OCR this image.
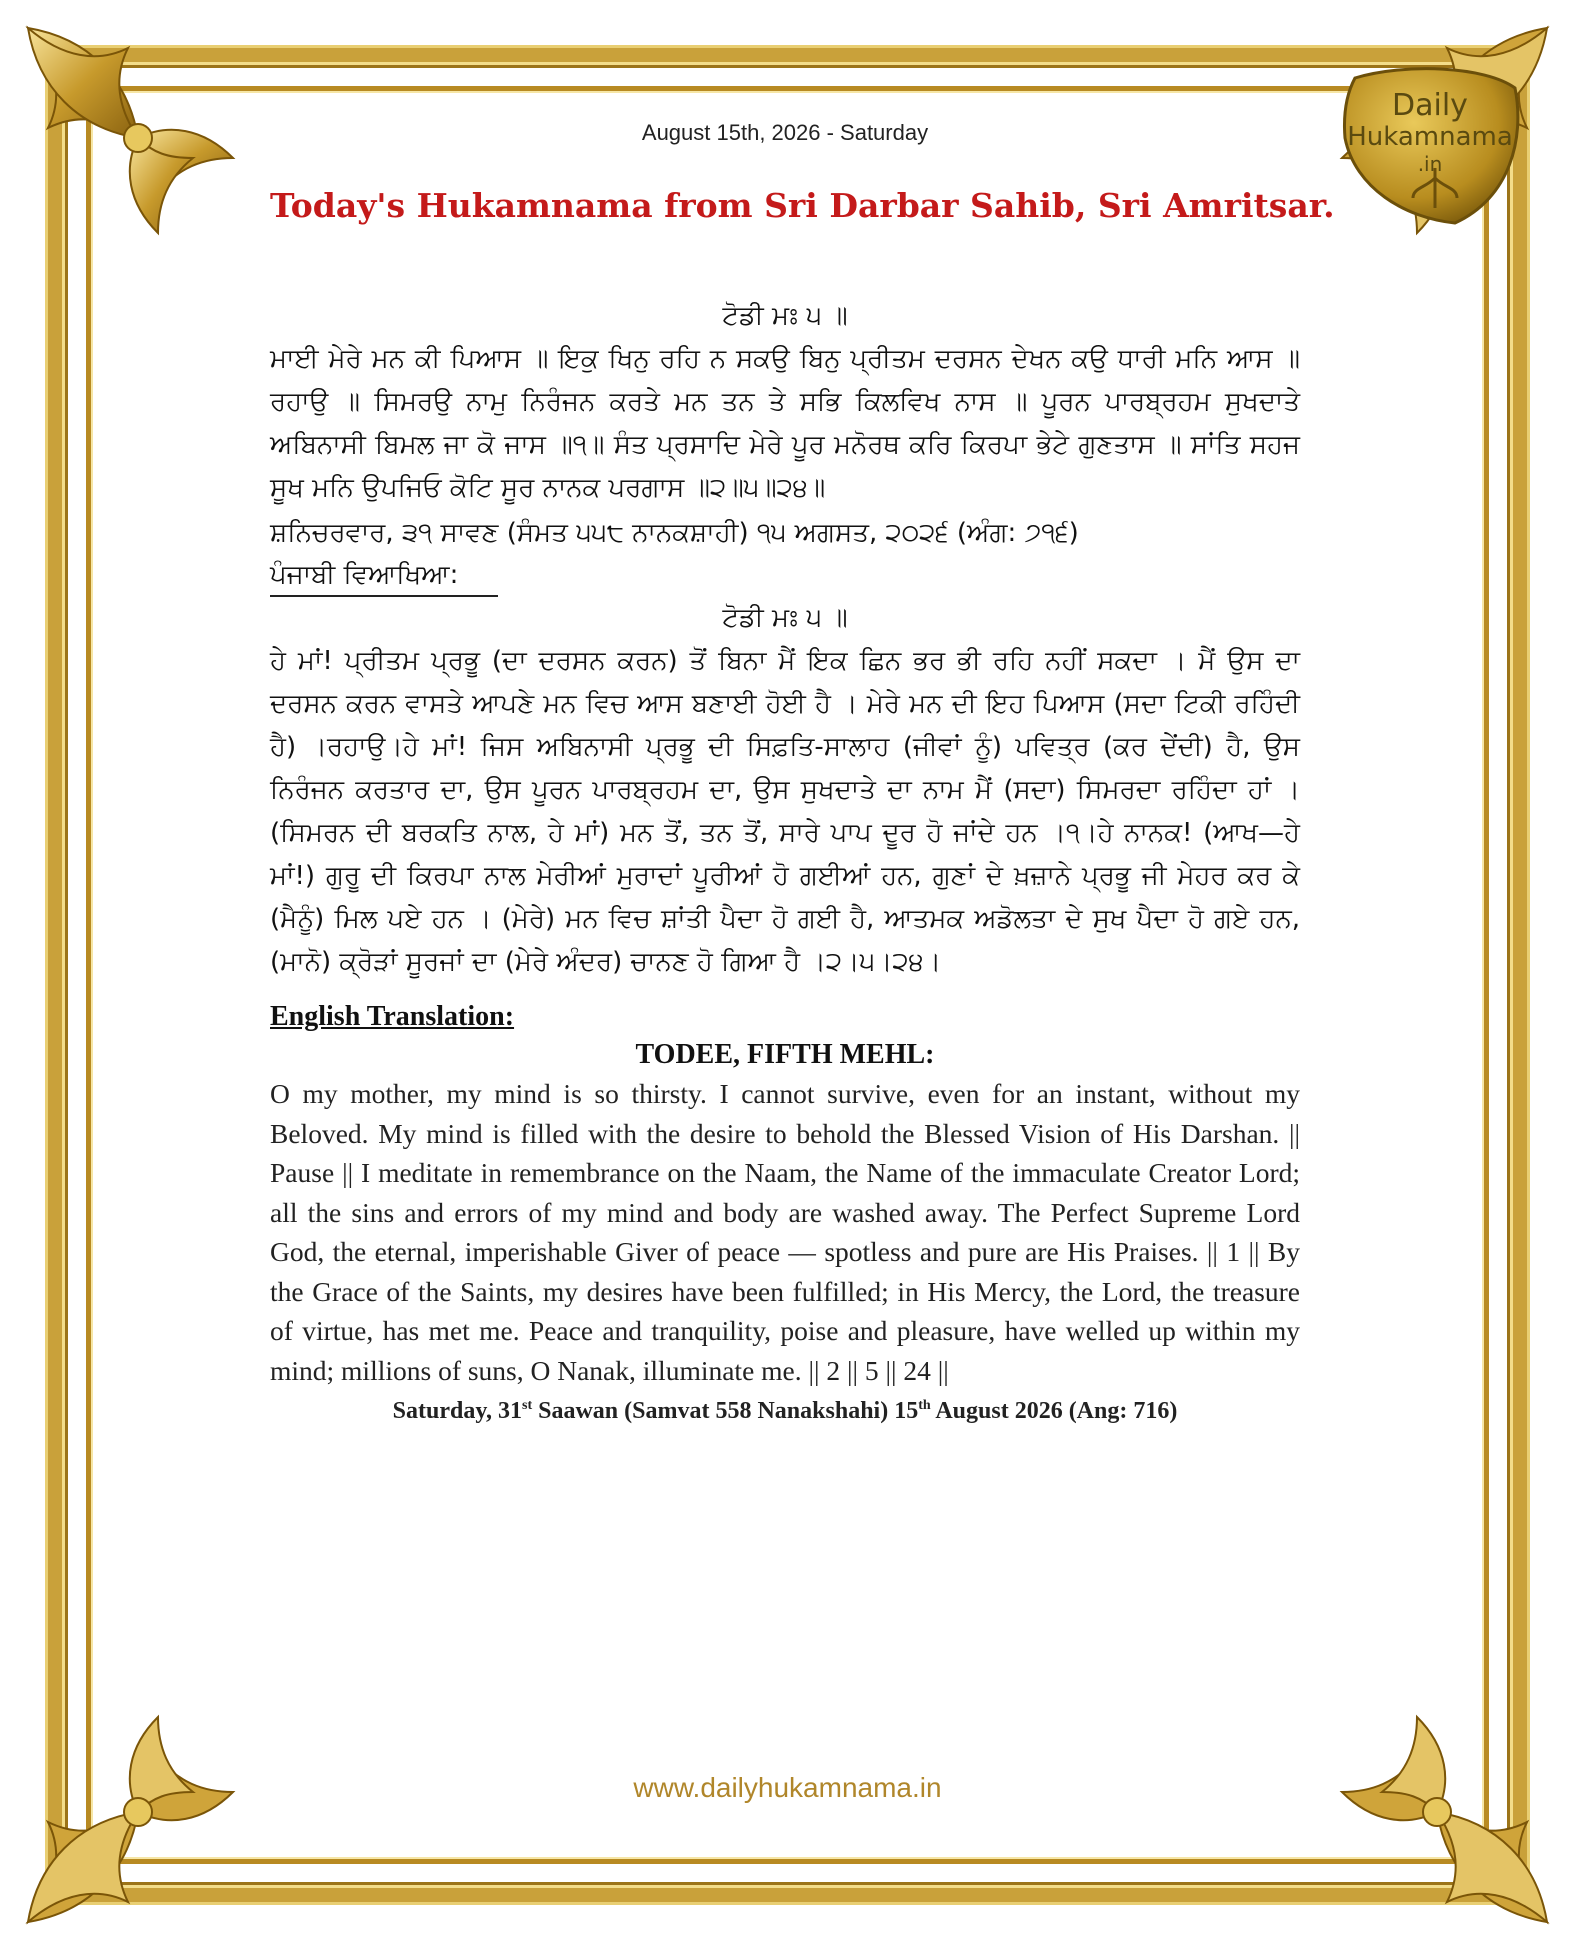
Daily
Hukamnama
.in
August 15th, 2026 - Saturday
Today's Hukamnama from Sri Darbar Sahib, Sri Amritsar.
ਟੋਡੀ ਮਃ ੫ ॥
ਮਾਈ ਮੇਰੇ ਮਨ ਕੀ ਪਿਆਸ ॥ ਇਕੁ ਖਿਨੁ ਰਹਿ ਨ ਸਕਉ ਬਿਨੁ ਪ੍ਰੀਤਮ ਦਰਸਨ ਦੇਖਨ ਕਉ ਧਾਰੀ ਮਨਿ ਆਸ ॥ ਰਹਾਉ ॥ ਸਿਮਰਉ ਨਾਮੁ ਨਿਰੰਜਨ ਕਰਤੇ ਮਨ ਤਨ ਤੇ ਸਭਿ ਕਿਲਵਿਖ ਨਾਸ ॥ ਪੂਰਨ ਪਾਰਬ੍ਰਹਮ ਸੁਖਦਾਤੇ ਅਬਿਨਾਸੀ ਬਿਮਲ ਜਾ ਕੋ ਜਾਸ ॥੧॥ ਸੰਤ ਪ੍ਰਸਾਦਿ ਮੇਰੇ ਪੂਰ ਮਨੋਰਥ ਕਰਿ ਕਿਰਪਾ ਭੇਟੇ ਗੁਣਤਾਸ ॥ ਸਾਂਤਿ ਸਹਜ ਸੂਖ ਮਨਿ ਉਪਜਿਓ ਕੋਟਿ ਸੂਰ ਨਾਨਕ ਪਰਗਾਸ ॥੨॥੫॥੨੪॥
ਸ਼ਨਿਚਰਵਾਰ, ੩੧ ਸਾਵਣ (ਸੰਮਤ ੫੫੮ ਨਾਨਕਸ਼ਾਹੀ) ੧੫ ਅਗਸਤ, ੨੦੨੬ (ਅੰਗ: ੭੧੬)
ਪੰਜਾਬੀ ਵਿਆਖਿਆ:
ਟੋਡੀ ਮਃ ੫ ॥
ਹੇ ਮਾਂ! ਪ੍ਰੀਤਮ ਪ੍ਰਭੂ (ਦਾ ਦਰਸਨ ਕਰਨ) ਤੋਂ ਬਿਨਾ ਮੈਂ ਇਕ ਛਿਨ ਭਰ ਭੀ ਰਹਿ ਨਹੀਂ ਸਕਦਾ । ਮੈਂ ਉਸ ਦਾ ਦਰਸਨ ਕਰਨ ਵਾਸਤੇ ਆਪਣੇ ਮਨ ਵਿਚ ਆਸ ਬਣਾਈ ਹੋਈ ਹੈ । ਮੇਰੇ ਮਨ ਦੀ ਇਹ ਪਿਆਸ (ਸਦਾ ਟਿਕੀ ਰਹਿੰਦੀ ਹੈ) ।ਰਹਾਉ।ਹੇ ਮਾਂ! ਜਿਸ ਅਬਿਨਾਸੀ ਪ੍ਰਭੂ ਦੀ ਸਿਫ਼ਤਿ-ਸਾਲਾਹ (ਜੀਵਾਂ ਨੂੰ) ਪਵਿਤ੍ਰ (ਕਰ ਦੇਂਦੀ) ਹੈ, ਉਸ ਨਿਰੰਜਨ ਕਰਤਾਰ ਦਾ, ਉਸ ਪੂਰਨ ਪਾਰਬ੍ਰਹਮ ਦਾ, ਉਸ ਸੁਖਦਾਤੇ ਦਾ ਨਾਮ ਮੈਂ (ਸਦਾ) ਸਿਮਰਦਾ ਰਹਿੰਦਾ ਹਾਂ । (ਸਿਮਰਨ ਦੀ ਬਰਕਤਿ ਨਾਲ, ਹੇ ਮਾਂ) ਮਨ ਤੋਂ, ਤਨ ਤੋਂ, ਸਾਰੇ ਪਾਪ ਦੂਰ ਹੋ ਜਾਂਦੇ ਹਨ ।੧।ਹੇ ਨਾਨਕ! (ਆਖ—ਹੇ ਮਾਂ!) ਗੁਰੂ ਦੀ ਕਿਰਪਾ ਨਾਲ ਮੇਰੀਆਂ ਮੁਰਾਦਾਂ ਪੂਰੀਆਂ ਹੋ ਗਈਆਂ ਹਨ, ਗੁਣਾਂ ਦੇ ਖ਼ਜ਼ਾਨੇ ਪ੍ਰਭੂ ਜੀ ਮੇਹਰ ਕਰ ਕੇ (ਮੈਨੂੰ) ਮਿਲ ਪਏ ਹਨ । (ਮੇਰੇ) ਮਨ ਵਿਚ ਸ਼ਾਂਤੀ ਪੈਦਾ ਹੋ ਗਈ ਹੈ, ਆਤਮਕ ਅਡੋਲਤਾ ਦੇ ਸੁਖ ਪੈਦਾ ਹੋ ਗਏ ਹਨ, (ਮਾਨੋ) ਕ੍ਰੋੜਾਂ ਸੂਰਜਾਂ ਦਾ (ਮੇਰੇ ਅੰਦਰ) ਚਾਨਣ ਹੋ ਗਿਆ ਹੈ ।੨।੫।੨੪।
English Translation:
TODEE, FIFTH MEHL:
O my mother, my mind is so thirsty. I cannot survive, even for an instant, without my Beloved. My mind is filled with the desire to behold the Blessed Vision of His Darshan. || Pause || I meditate in remembrance on the Naam, the Name of the immaculate Creator Lord; all the sins and errors of my mind and body are washed away. The Perfect Supreme Lord God, the eternal, imperishable Giver of peace — spotless and pure are His Praises. || 1 || By the Grace of the Saints, my desires have been fulfilled; in His Mercy, the Lord, the treasure of virtue, has met me. Peace and tranquility, poise and pleasure, have welled up within my mind; millions of suns, O Nanak, illuminate me. || 2 || 5 || 24 ||
Saturday, 31st Saawan (Samvat 558 Nanakshahi) 15th August 2026 (Ang: 716)
www.dailyhukamnama.in
